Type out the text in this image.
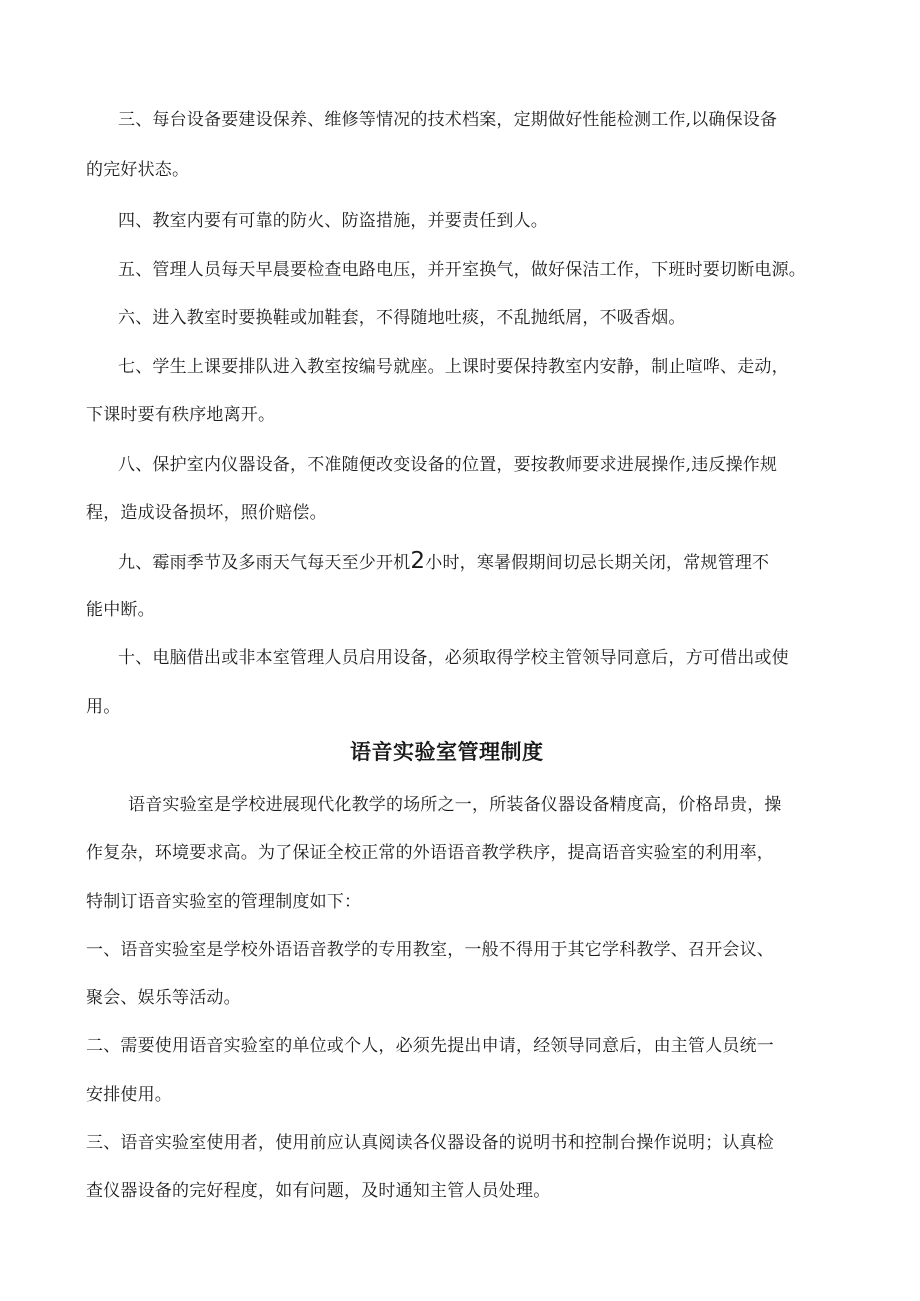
三、每台设备要建设保养、维修等情况的技术档案，定期做好性能检测工作,以确保设备

的完好状态。

四、教室内要有可靠的防火、防盗措施，并要责任到人。

五、管理人员每天早晨要检查电路电压，并开室换气，做好保洁工作，下班时要切断电源。

六、进入教室时要换鞋或加鞋套，不得随地吐痰，不乱抛纸屑，不吸香烟。

七、学生上课要排队进入教室按编号就座。上课时要保持教室内安静，制止喧哗、走动，

下课时要有秩序地离开。

八、保护室内仪器设备，不准随便改变设备的位置，要按教师要求进展操作,违反操作规

程，造成设备损坏，照价赔偿。

九、霉雨季节及多雨天气每天至少开机2小时，寒暑假期间切忌长期关闭，常规管理不

能中断。

十、电脑借出或非本室管理人员启用设备，必须取得学校主管领导同意后，方可借出或使

用。

语音实验室管理制度

语音实验室是学校进展现代化教学的场所之一，所装备仪器设备精度高，价格昂贵，操

作复杂，环境要求高。为了保证全校正常的外语语音教学秩序，提高语音实验室的利用率，

特制订语音实验室的管理制度如下：

一、语音实验室是学校外语语音教学的专用教室，一般不得用于其它学科教学、召开会议、

聚会、娱乐等活动。

二、需要使用语音实验室的单位或个人，必须先提出申请，经领导同意后，由主管人员统一

安排使用。

三、语音实验室使用者，使用前应认真阅读各仪器设备的说明书和控制台操作说明；认真检

查仪器设备的完好程度，如有问题，及时通知主管人员处理。
